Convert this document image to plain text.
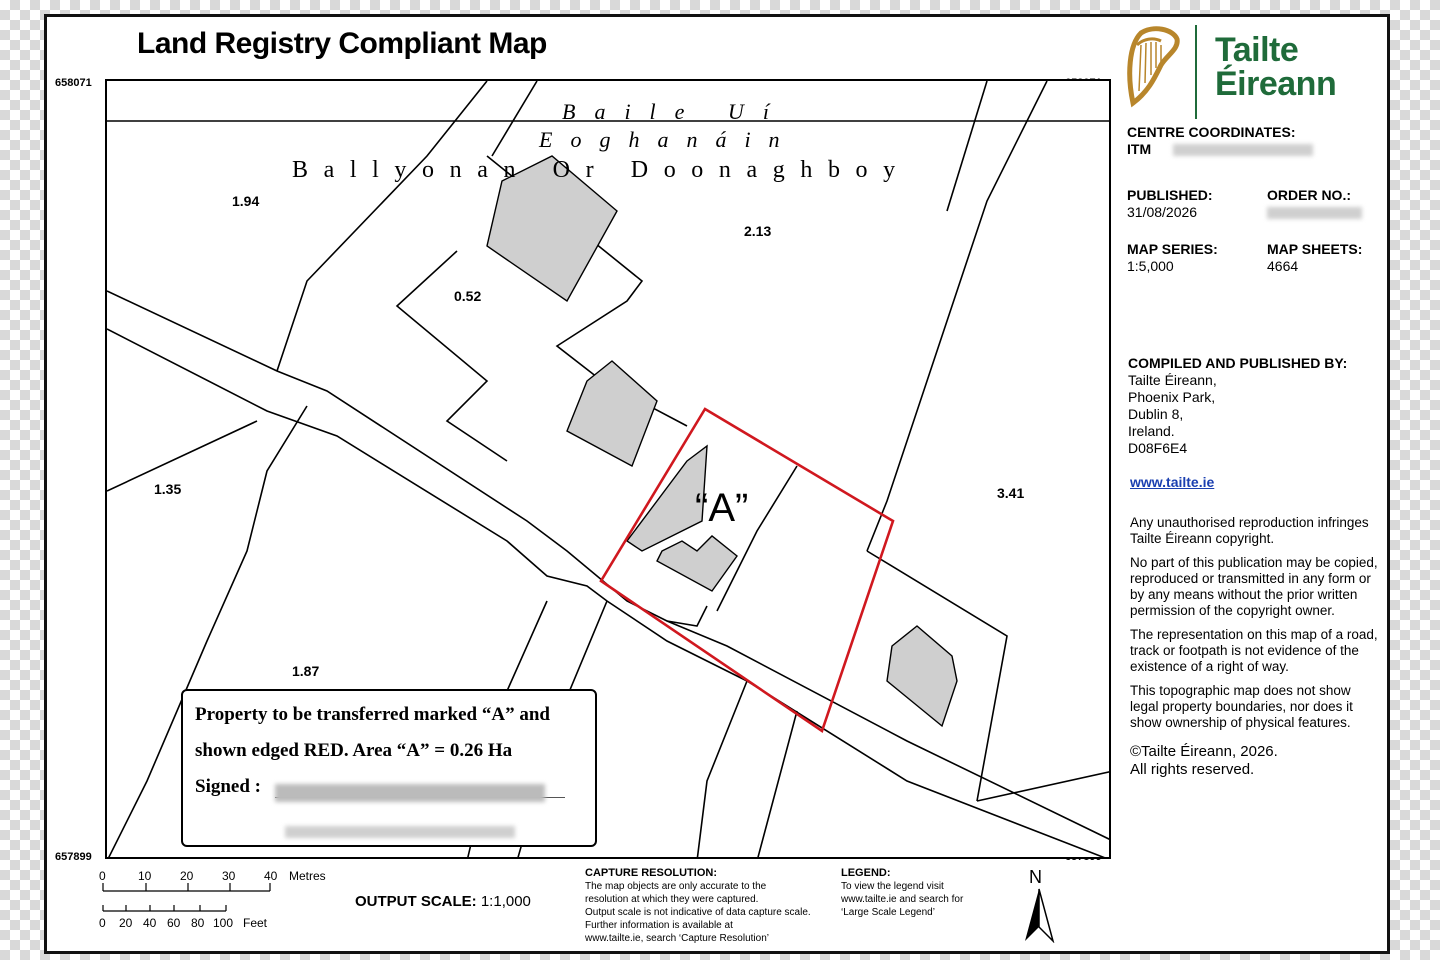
Land Registry Compliant Map
658071
657899
Baile Uí
Eoghanáin
Ballyonan Or Doonaghboy
1.94
2.13
0.52
1.35	3.41
1.87
“A”
Property to be transferred marked “A” and
shown edged RED. Area “A” = 0.26 Ha
Signed :
Tailte
Éireann
CENTRE COORDINATES:
ITM
PUBLISHED:
31/08/2026
ORDER NO.:

MAP SERIES:
1:5,000
MAP SHEETS:
4664
COMPILED AND PUBLISHED BY:
Tailte Éireann,
Phoenix Park,
Dublin 8,
Ireland.
D08F6E4
www.tailte.ie
Any unauthorised reproduction infringes Tailte Éireann copyright.
No part of this publication may be copied, reproduced or transmitted in any form or by any means without the prior written permission of the copyright owner.
The representation on this map of a road, track or footpath is not evidence of the existence of a right of way.
This topographic map does not show legal property boundaries, nor does it show ownership of physical features.
©Tailte Éireann, 2026.
All rights reserved.
0	10 20 30 40 Metres
0 20 40 60 80 100 Feet
OUTPUT SCALE: 1:1,000
CAPTURE RESOLUTION:
The map objects are only accurate to the
resolution at which they were captured.
Output scale is not indicative of data capture scale.
Further information is available at
www.tailte.ie, search ‘Capture Resolution’
LEGEND:
To view the legend visit
www.tailte.ie and search for
‘Large Scale Legend’
N
